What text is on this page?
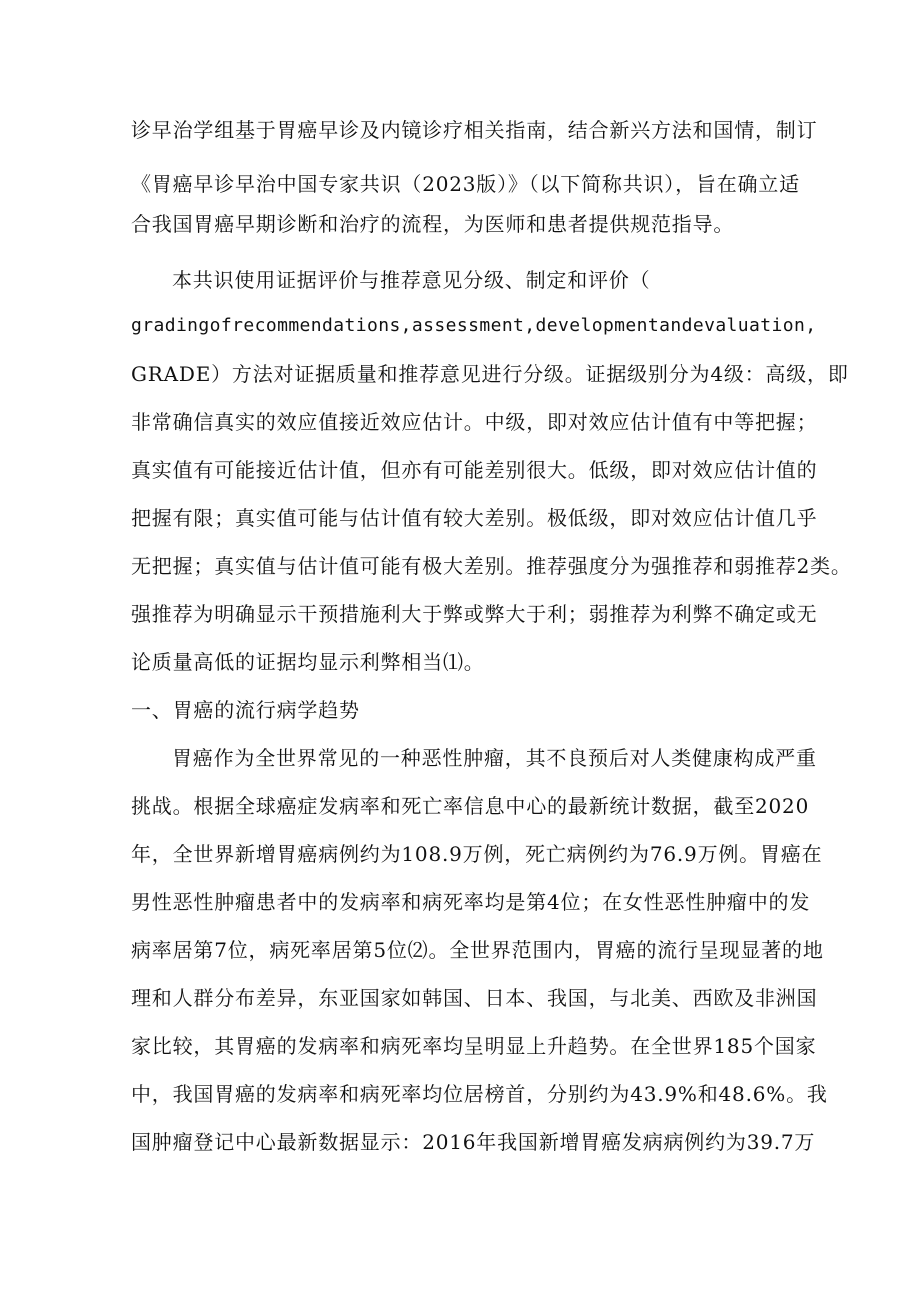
诊早治学组基于胃癌早诊及内镜诊疗相关指南，结合新兴方法和国情，制订
《胃癌早诊早治中国专家共识（2023版）》（以下简称共识），旨在确立适
合我国胃癌早期诊断和治疗的流程，为医师和患者提供规范指导。
本共识使用证据评价与推荐意见分级、制定和评价（
gradingofrecommendations,assessment,developmentandevaluation,
GRADE）方法对证据质量和推荐意见进行分级。证据级别分为4级：高级，即
非常确信真实的效应值接近效应估计。中级，即对效应估计值有中等把握；
真实值有可能接近估计值，但亦有可能差别很大。低级，即对效应估计值的
把握有限；真实值可能与估计值有较大差别。极低级，即对效应估计值几乎
无把握；真实值与估计值可能有极大差别。推荐强度分为强推荐和弱推荐2类。
强推荐为明确显示干预措施利大于弊或弊大于利；弱推荐为利弊不确定或无
论质量高低的证据均显示利弊相当⑴。
一、胃癌的流行病学趋势
胃癌作为全世界常见的一种恶性肿瘤，其不良预后对人类健康构成严重
挑战。根据全球癌症发病率和死亡率信息中心的最新统计数据，截至2020
年，全世界新增胃癌病例约为108.9万例，死亡病例约为76.9万例。胃癌在
男性恶性肿瘤患者中的发病率和病死率均是第4位；在女性恶性肿瘤中的发
病率居第7位，病死率居第5位⑵。全世界范围内，胃癌的流行呈现显著的地
理和人群分布差异，东亚国家如韩国、日本、我国，与北美、西欧及非洲国
家比较，其胃癌的发病率和病死率均呈明显上升趋势。在全世界185个国家
中，我国胃癌的发病率和病死率均位居榜首，分别约为43.9%和48.6%。我
国肿瘤登记中心最新数据显示：2016年我国新增胃癌发病病例约为39.7万
